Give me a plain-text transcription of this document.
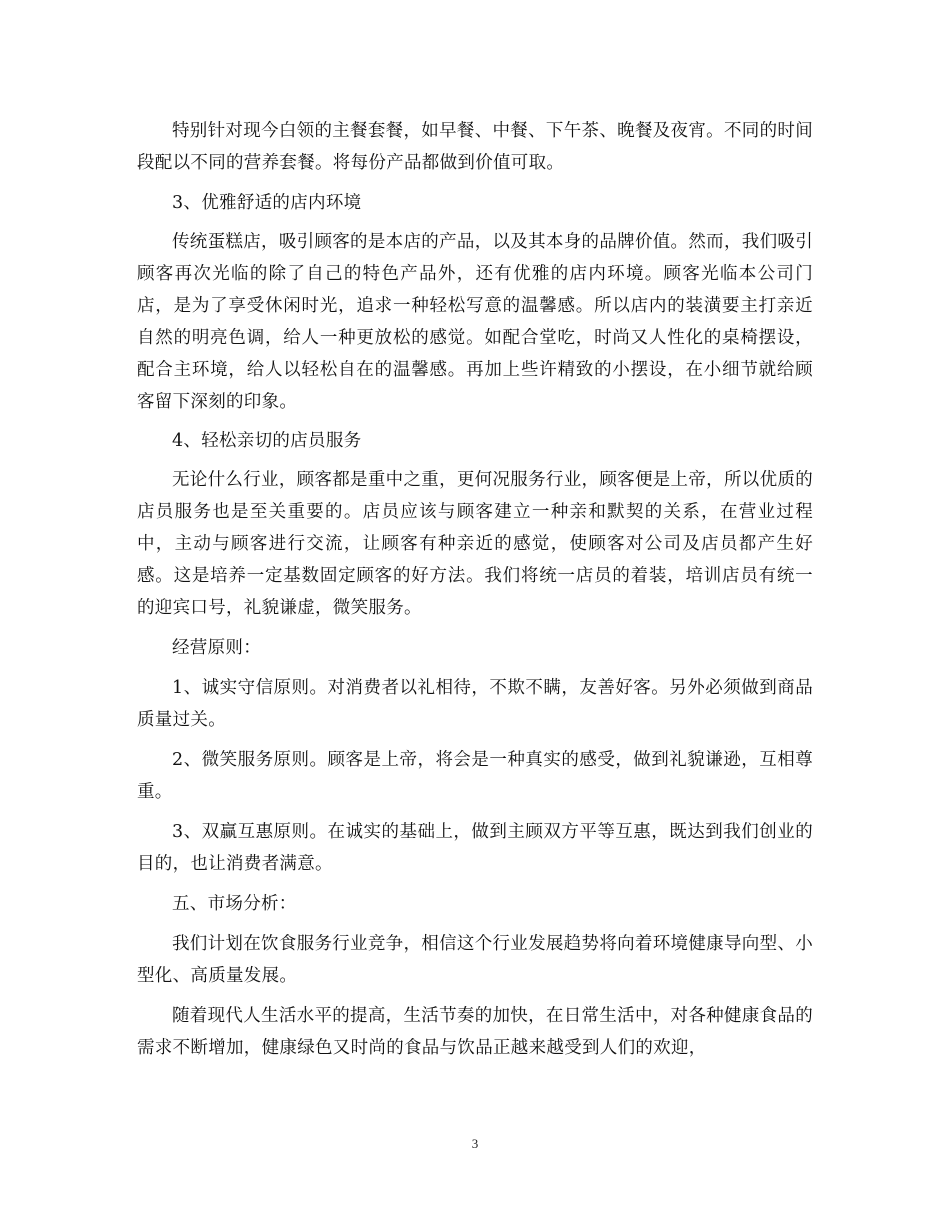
特别针对现今白领的主餐套餐，如早餐、中餐、下午茶、晚餐及夜宵。不同的时间段配以不同的营养套餐。将每份产品都做到价值可取。

3、优雅舒适的店内环境

传统蛋糕店，吸引顾客的是本店的产品，以及其本身的品牌价值。然而，我们吸引顾客再次光临的除了自己的特色产品外，还有优雅的店内环境。顾客光临本公司门店，是为了享受休闲时光，追求一种轻松写意的温馨感。所以店内的装潢要主打亲近自然的明亮色调，给人一种更放松的感觉。如配合堂吃，时尚又人性化的桌椅摆设，配合主环境，给人以轻松自在的温馨感。再加上些许精致的小摆设，在小细节就给顾客留下深刻的印象。

4、轻松亲切的店员服务

无论什么行业，顾客都是重中之重，更何况服务行业，顾客便是上帝，所以优质的店员服务也是至关重要的。店员应该与顾客建立一种亲和默契的关系，在营业过程中，主动与顾客进行交流，让顾客有种亲近的感觉，使顾客对公司及店员都产生好感。这是培养一定基数固定顾客的好方法。我们将统一店员的着装，培训店员有统一的迎宾口号，礼貌谦虚，微笑服务。

经营原则：

1、诚实守信原则。对消费者以礼相待，不欺不瞒，友善好客。另外必须做到商品质量过关。

2、微笑服务原则。顾客是上帝，将会是一种真实的感受，做到礼貌谦逊，互相尊重。

3、双赢互惠原则。在诚实的基础上，做到主顾双方平等互惠，既达到我们创业的目的，也让消费者满意。

五、市场分析：

我们计划在饮食服务行业竞争，相信这个行业发展趋势将向着环境健康导向型、小型化、高质量发展。

随着现代人生活水平的提高，生活节奏的加快，在日常生活中，对各种健康食品的需求不断增加，健康绿色又时尚的食品与饮品正越来越受到人们的欢迎，

3
